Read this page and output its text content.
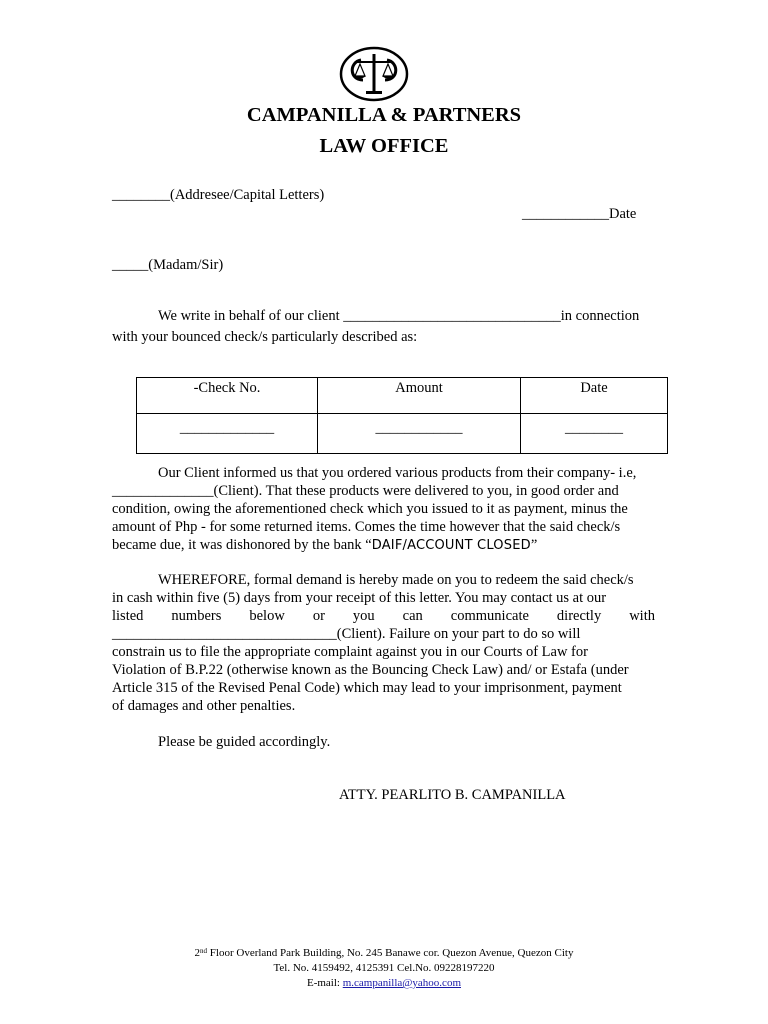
CAMPANILLA & PARTNERS
LAW OFFICE
________(Addresee/Capital Letters)
____________Date
_____(Madam/Sir)
We write in behalf of our client ______________________________in connection
with your bounced check/s particularly described as:
-Check No.	Amount	Date
_____________	____________	________
Our Client informed us that you ordered various products from their company- i.e,
______________(Client). That these products were delivered to you, in good order and
condition, owing the aforementioned check which you issued to it as payment, minus the
amount of Php - for some returned items. Comes the time however that the said check/s
became due, it was dishonored by the bank “DAIF/ACCOUNT CLOSED”
WHEREFORE, formal demand is hereby made on you to redeem the said check/s
in cash within five (5) days from your receipt of this letter. You may contact us at our
listed numbers below or you can communicate directly with
_______________________________(Client). Failure on your part to do so will
constrain us to file the appropriate complaint against you in our Courts of Law for
Violation of B.P.22 (otherwise known as the Bouncing Check Law) and/ or Estafa (under
Article 315 of the Revised Penal Code) which may lead to your imprisonment, payment
of damages and other penalties.
Please be guided accordingly.
ATTY. PEARLITO B. CAMPANILLA
2nd Floor Overland Park Building, No. 245 Banawe cor. Quezon Avenue, Quezon City
Tel. No. 4159492, 4125391 Cel.No. 09228197220
E-mail: m.campanilla@yahoo.com
